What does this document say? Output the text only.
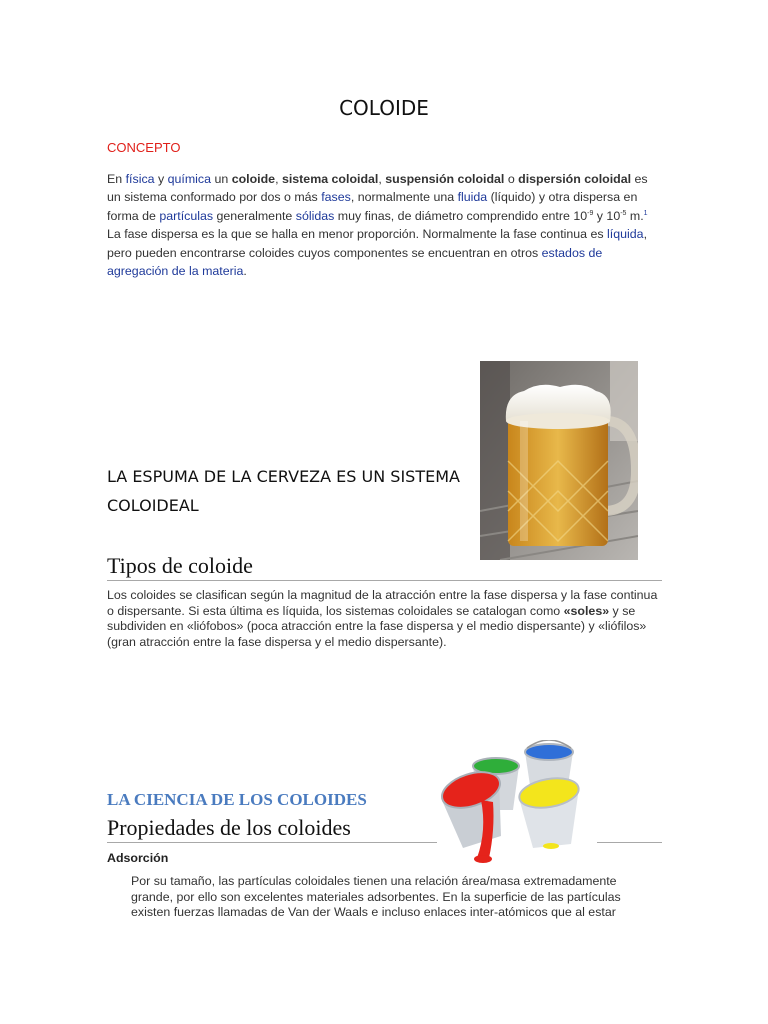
COLOIDE
CONCEPTO
En física y química un coloide, sistema coloidal, suspensión coloidal o dispersión coloidal es un sistema conformado por dos o más fases, normalmente una fluida (líquido) y otra dispersa en forma de partículas generalmente sólidas muy finas, de diámetro comprendido entre $10^{-9}$ y $10^{-5}$ m.$^1$ La fase dispersa es la que se halla en menor proporción. Normalmente la fase continua es líquida, pero pueden encontrarse coloides cuyos componentes se encuentran en otros estados de agregación de la materia.
LA ESPUMA DE LA CERVEZA ES UN SISTEMA COLOIDEAL
Tipos de coloide
Los coloides se clasifican según la magnitud de la atracción entre la fase dispersa y la fase continua o dispersante. Si esta última es líquida, los sistemas coloidales se catalogan como «soles» y se subdividen en «liófobos» (poca atracción entre la fase dispersa y el medio dispersante) y «liófilos» (gran atracción entre la fase dispersa y el medio dispersante).
LA CIENCIA DE LOS COLOIDES
Propiedades de los coloides
Adsorción
Por su tamaño, las partículas coloidales tienen una relación área/masa extremadamente grande, por ello son excelentes materiales adsorbentes. En la superficie de las partículas existen fuerzas llamadas de Van der Waals e incluso enlaces inter-atómicos que al estar
